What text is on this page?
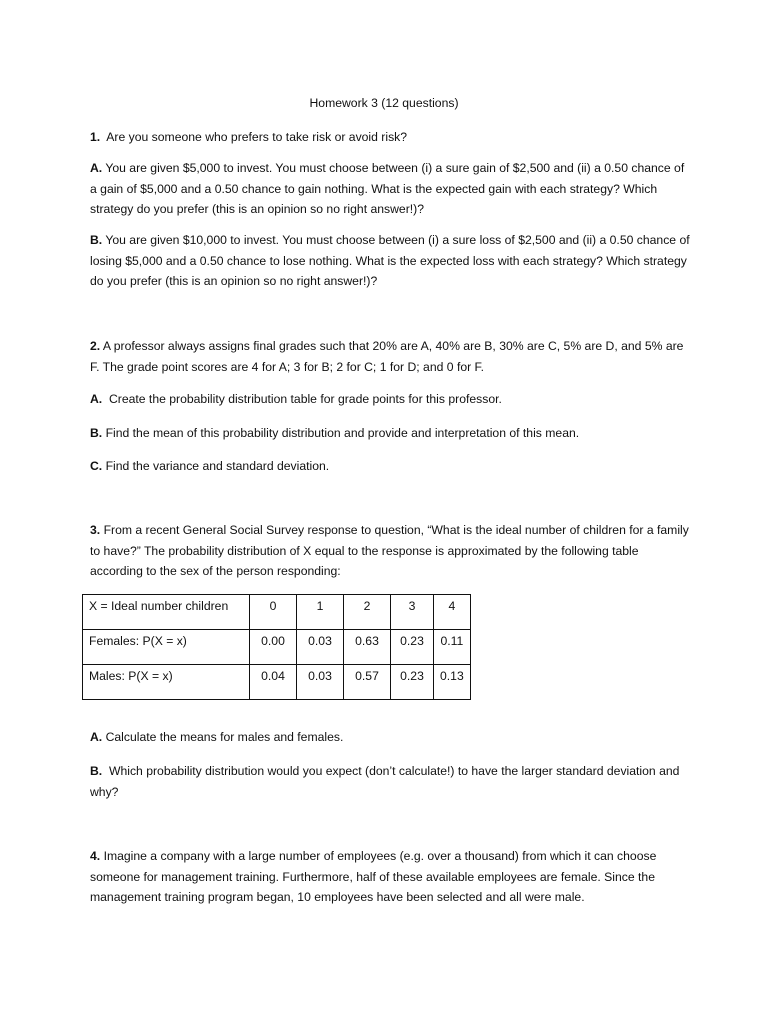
Homework 3 (12 questions)
1. Are you someone who prefers to take risk or avoid risk?
A. You are given $5,000 to invest. You must choose between (i) a sure gain of $2,500 and (ii) a 0.50 chance of a gain of $5,000 and a 0.50 chance to gain nothing. What is the expected gain with each strategy? Which strategy do you prefer (this is an opinion so no right answer!)?
B. You are given $10,000 to invest. You must choose between (i) a sure loss of $2,500 and (ii) a 0.50 chance of losing $5,000 and a 0.50 chance to lose nothing. What is the expected loss with each strategy? Which strategy do you prefer (this is an opinion so no right answer!)?
2. A professor always assigns final grades such that 20% are A, 40% are B, 30% are C, 5% are D, and 5% are F. The grade point scores are 4 for A; 3 for B; 2 for C; 1 for D; and 0 for F.
A. Create the probability distribution table for grade points for this professor.
B. Find the mean of this probability distribution and provide and interpretation of this mean.
C. Find the variance and standard deviation.
3. From a recent General Social Survey response to question, “What is the ideal number of children for a family to have?” The probability distribution of X equal to the response is approximated by the following table according to the sex of the person responding:
X = Ideal number children	0	1	2	3	4
Females: P(X = x)	0.00	0.03	0.63	0.23	0.11
Males: P(X = x)	0.04	0.03	0.57	0.23	0.13
A. Calculate the means for males and females.
B. Which probability distribution would you expect (don’t calculate!) to have the larger standard deviation and why?
4. Imagine a company with a large number of employees (e.g. over a thousand) from which it can choose someone for management training. Furthermore, half of these available employees are female. Since the management training program began, 10 employees have been selected and all were male.
